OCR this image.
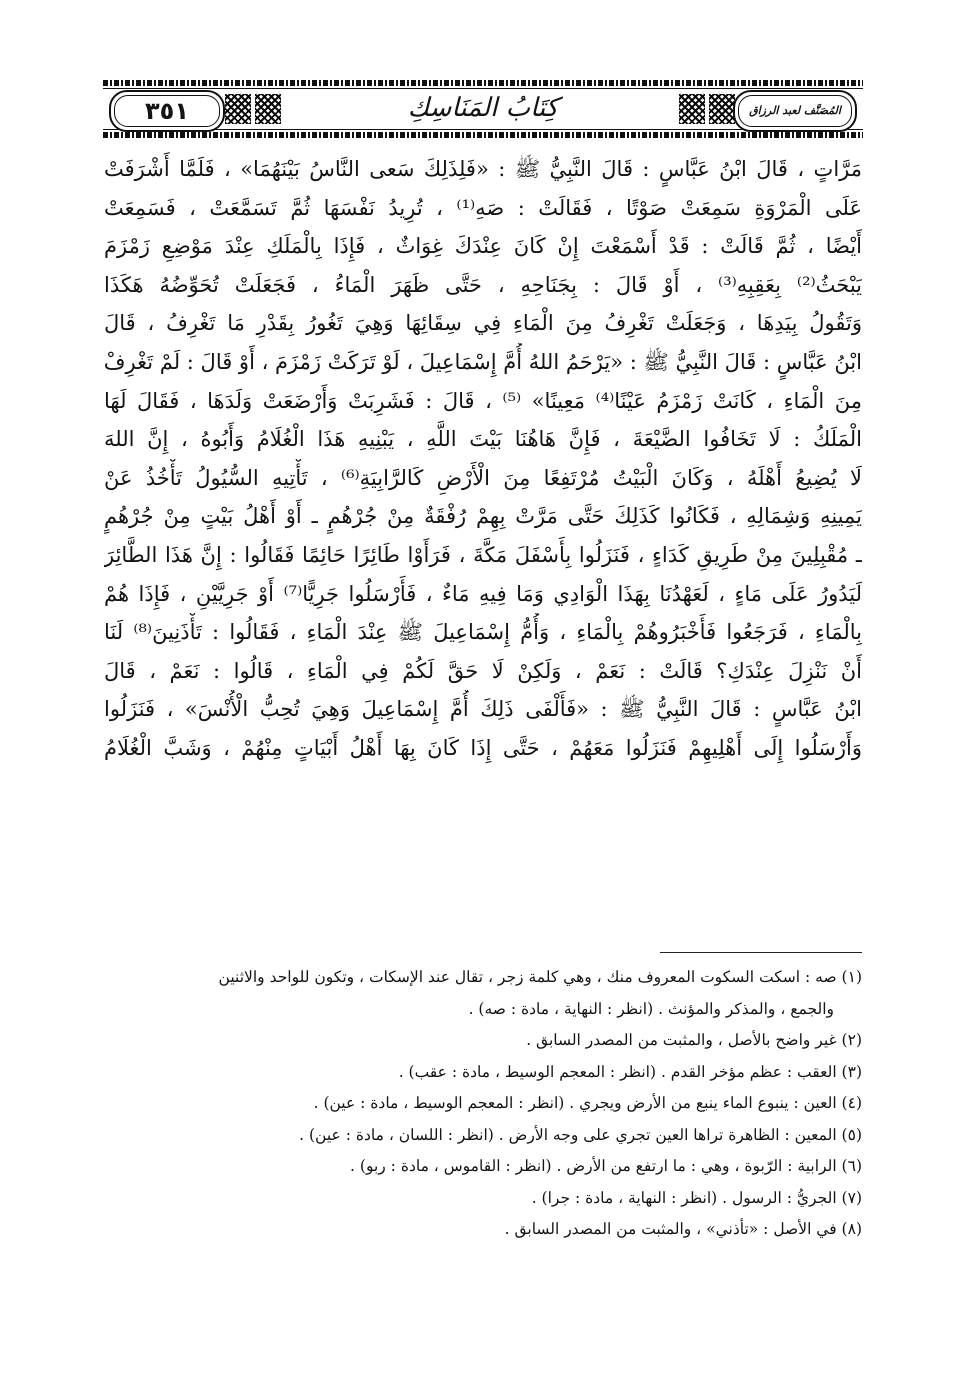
٣٥١	كِتَابُ المَنَاسِكِ	المُصَنَّف لعبد الرزاق
مَرَّاتٍ ، قَالَ ابْنُ عَبَّاسٍ : قَالَ النَّبِيُّ ﷺ : «فَلِذَلِكَ سَعى النَّاسُ بَيْنَهُمَا» ، فَلَمَّا أَشْرَفَتْ
عَلَى الْمَرْوَةِ سَمِعَتْ صَوْتًا ، فَقَالَتْ : صَهِ⁽¹⁾ ، تُرِيدُ نَفْسَهَا ثُمَّ تَسَمَّعَتْ ، فَسَمِعَتْ
أَيْضًا ، ثُمَّ قَالَتْ : قَدْ أَسْمَعْتَ إِنْ كَانَ عِنْدَكَ غِوَاثٌ ، فَإِذَا بِالْمَلَكِ عِنْدَ مَوْضِعِ زَمْزَمَ
يَبْحَثُ⁽²⁾ بِعَقِبِهِ⁽³⁾ ، أَوْ قَالَ : بِجَنَاحِهِ ، حَتَّى ظَهَرَ الْمَاءُ ، فَجَعَلَتْ تُحَوِّضُهُ هَكَذَا
وَتَقُولُ بِيَدِهَا ، وَجَعَلَتْ تَغْرِفُ مِنَ الْمَاءِ فِي سِقَائِهَا وَهِيَ تَغُورُ بِقَدْرِ مَا تَغْرِفُ ، قَالَ
ابْنُ عَبَّاسٍ : قَالَ النَّبِيُّ ﷺ : «يَرْحَمُ اللهُ أُمَّ إِسْمَاعِيلَ ، لَوْ تَرَكَتْ زَمْزَمَ ، أَوْ قَالَ : لَمْ تَغْرِفْ
مِنَ الْمَاءِ ، كَانَتْ زَمْزَمُ عَيْنًا⁽⁴⁾ مَعِينًا» ⁽⁵⁾ ، قَالَ : فَشَرِبَتْ وَأَرْضَعَتْ وَلَدَهَا ، فَقَالَ لَهَا
الْمَلَكُ : لَا تَخَافُوا الضَّيْعَةَ ، فَإِنَّ هَاهُنَا بَيْتَ اللَّهِ ، يَبْنِيهِ هَذَا الْغُلَامُ وَأَبُوهُ ، إِنَّ اللهَ
لَا يُضِيعُ أَهْلَهُ ، وَكَانَ الْبَيْتُ مُرْتَفِعًا مِنَ الْأَرْضِ كَالرَّابِيَةِ⁽⁶⁾ ، تَأْتِيهِ السُّيُولُ تَأْخُذُ عَنْ
يَمِينِهِ وَشِمَالِهِ ، فَكَانُوا كَذَلِكَ حَتَّى مَرَّتْ بِهِمْ رُفْقَةٌ مِنْ جُرْهُمٍ ـ أَوْ أَهْلُ بَيْتٍ مِنْ جُرْهُمٍ
ـ مُقْبِلِينَ مِنْ طَرِيقِ كَدَاءٍ ، فَنَزَلُوا بِأَسْفَلَ مَكَّةَ ، فَرَأَوْا طَائِرًا حَائِمًا فَقَالُوا : إِنَّ هَذَا الطَّائِرَ
لَيَدُورُ عَلَى مَاءٍ ، لَعَهْدُنَا بِهَذَا الْوَادِي وَمَا فِيهِ مَاءٌ ، فَأَرْسَلُوا جَرِيًّا⁽⁷⁾ أَوْ جَرِيَّيْنِ ، فَإِذَا هُمْ
بِالْمَاءِ ، فَرَجَعُوا فَأَخْبَرُوهُمْ بِالْمَاءِ ، وَأُمُّ إِسْمَاعِيلَ ﷺ عِنْدَ الْمَاءِ ، فَقَالُوا : تَأْذَنِينَ⁽⁸⁾ لَنَا
أَنْ نَنْزِلَ عِنْدَكِ؟ قَالَتْ : نَعَمْ ، وَلَكِنْ لَا حَقَّ لَكُمْ فِي الْمَاءِ ، قَالُوا : نَعَمْ ، قَالَ
ابْنُ عَبَّاسٍ : قَالَ النَّبِيُّ ﷺ : «فَأَلْفَى ذَلِكَ أُمَّ إِسْمَاعِيلَ وَهِيَ تُحِبُّ الْأُنْسَ» ، فَنَزَلُوا
وَأَرْسَلُوا إِلَى أَهْلِيهِمْ فَنَزَلُوا مَعَهُمْ ، حَتَّى إِذَا كَانَ بِهَا أَهْلُ أَبْيَاتٍ مِنْهُمْ ، وَشَبَّ الْغُلَامُ
(١) صه : اسكت السكوت المعروف منك ، وهي كلمة زجر ، تقال عند الإسكات ، وتكون للواحد والاثنين
والجمع ، والمذكر والمؤنث . (انظر : النهاية ، مادة : صه) .
(٢) غير واضح بالأصل ، والمثبت من المصدر السابق .
(٣) العقب : عظم مؤخر القدم . (انظر : المعجم الوسيط ، مادة : عقب) .
(٤) العين : ينبوع الماء ينبع من الأرض ويجري . (انظر : المعجم الوسيط ، مادة : عين) .
(٥) المعين : الظاهرة تراها العين تجري على وجه الأرض . (انظر : اللسان ، مادة : عين) .
(٦) الرابية : الرّبوة ، وهي : ما ارتفع من الأرض . (انظر : القاموس ، مادة : ربو) .
(٧) الجريُّ : الرسول . (انظر : النهاية ، مادة : جرا) .
(٨) في الأصل : «تأذني» ، والمثبت من المصدر السابق .
